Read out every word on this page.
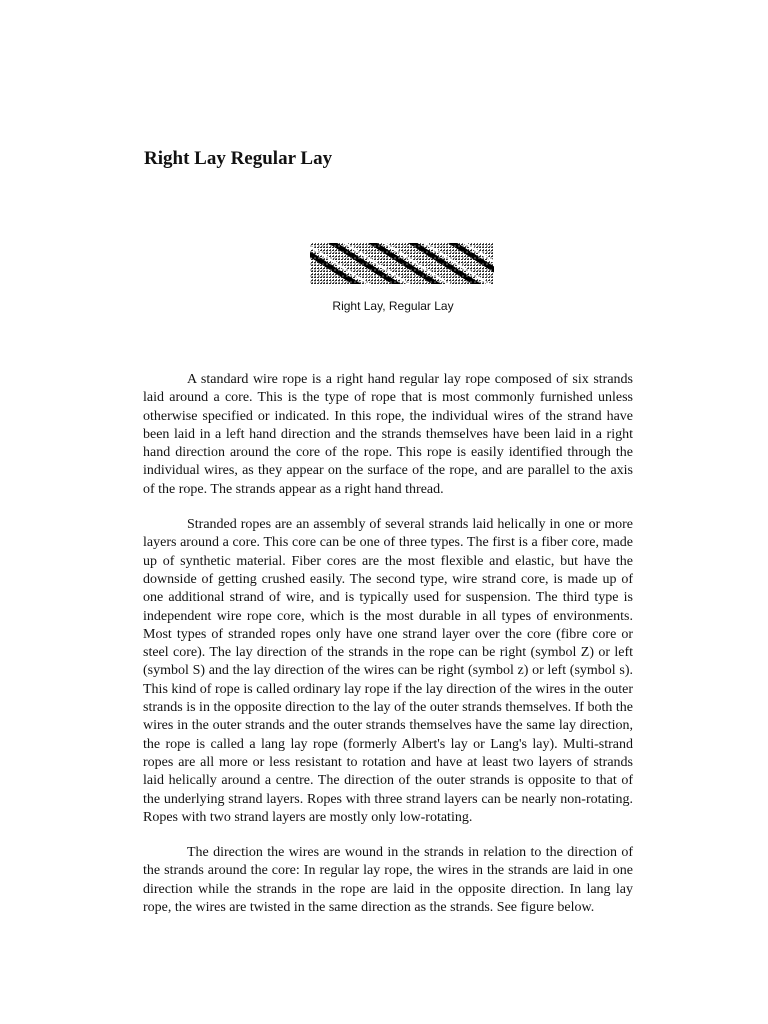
Right Lay Regular Lay
Right Lay, Regular Lay

A standard wire rope is a right hand regular lay rope composed of six strands laid around a core. This is the type of rope that is most commonly furnished unless otherwise specified or indicated. In this rope, the individual wires of the strand have been laid in a left hand direction and the strands themselves have been laid in a right hand direction around the core of the rope. This rope is easily identified through the individual wires, as they appear on the surface of the rope, and are parallel to the axis of the rope. The strands appear as a right hand thread.

Stranded ropes are an assembly of several strands laid helically in one or more layers around a core. This core can be one of three types. The first is a fiber core, made up of synthetic material. Fiber cores are the most flexible and elastic, but have the downside of getting crushed easily. The second type, wire strand core, is made up of one additional strand of wire, and is typically used for suspension. The third type is independent wire rope core, which is the most durable in all types of environments. Most types of stranded ropes only have one strand layer over the core (fibre core or steel core). The lay direction of the strands in the rope can be right (symbol Z) or left (symbol S) and the lay direction of the wires can be right (symbol z) or left (symbol s). This kind of rope is called ordinary lay rope if the lay direction of the wires in the outer strands is in the opposite direction to the lay of the outer strands themselves. If both the wires in the outer strands and the outer strands themselves have the same lay direction, the rope is called a lang lay rope (formerly Albert's lay or Lang's lay). Multi-strand ropes are all more or less resistant to rotation and have at least two layers of strands laid helically around a centre. The direction of the outer strands is opposite to that of the underlying strand layers. Ropes with three strand layers can be nearly non-rotating. Ropes with two strand layers are mostly only low-rotating.

The direction the wires are wound in the strands in relation to the direction of the strands around the core: In regular lay rope, the wires in the strands are laid in one direction while the strands in the rope are laid in the opposite direction. In lang lay rope, the wires are twisted in the same direction as the strands. See figure below.
